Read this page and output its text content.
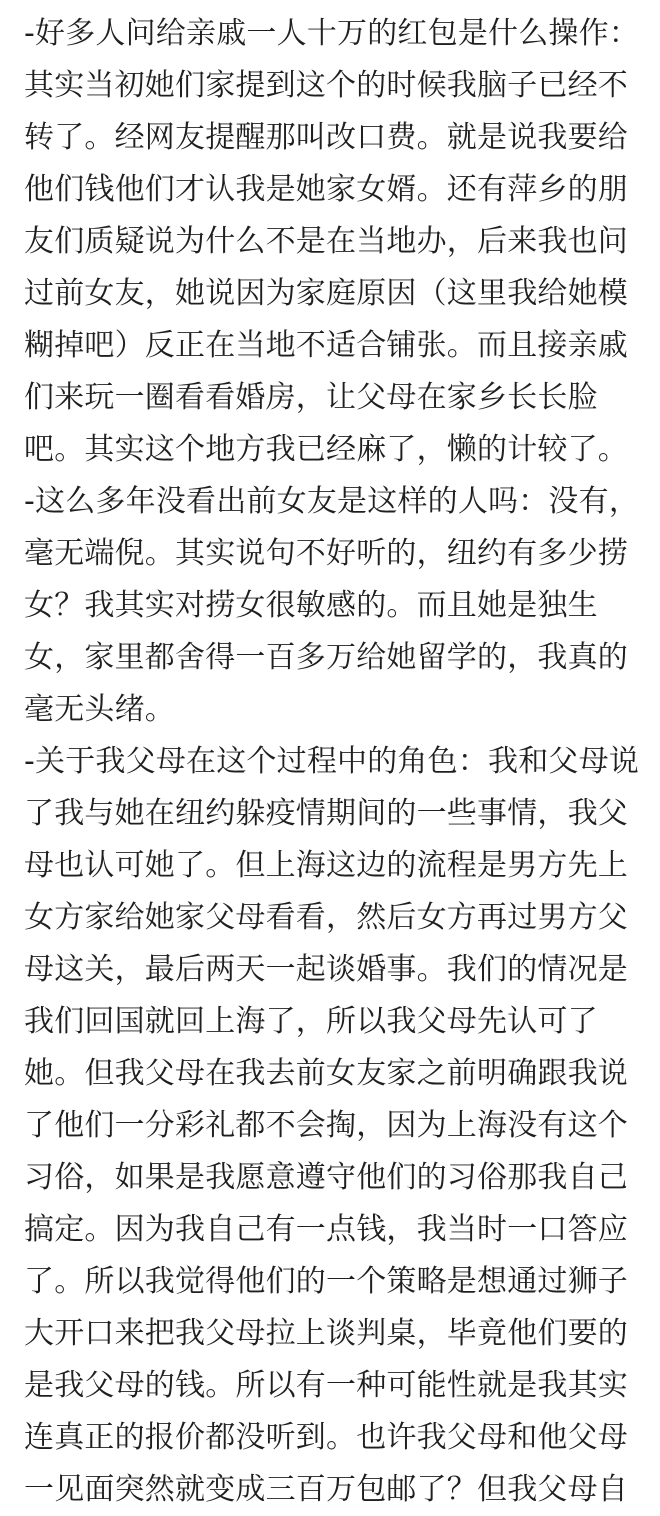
-好多人问给亲戚一人十万的红包是什么操作：
其实当初她们家提到这个的时候我脑子已经不
转了。经网友提醒那叫改口费。就是说我要给
他们钱他们才认我是她家女婿。还有萍乡的朋
友们质疑说为什么不是在当地办，后来我也问
过前女友，她说因为家庭原因（这里我给她模
糊掉吧）反正在当地不适合铺张。而且接亲戚
们来玩一圈看看婚房，让父母在家乡长长脸
吧。其实这个地方我已经麻了，懒的计较了。
-这么多年没看出前女友是这样的人吗：没有，
毫无端倪。其实说句不好听的，纽约有多少捞
女？我其实对捞女很敏感的。而且她是独生
女，家里都舍得一百多万给她留学的，我真的
毫无头绪。
-关于我父母在这个过程中的角色：我和父母说
了我与她在纽约躲疫情期间的一些事情，我父
母也认可她了。但上海这边的流程是男方先上
女方家给她家父母看看，然后女方再过男方父
母这关，最后两天一起谈婚事。我们的情况是
我们回国就回上海了，所以我父母先认可了
她。但我父母在我去前女友家之前明确跟我说
了他们一分彩礼都不会掏，因为上海没有这个
习俗，如果是我愿意遵守他们的习俗那我自己
搞定。因为我自己有一点钱，我当时一口答应
了。所以我觉得他们的一个策略是想通过狮子
大开口来把我父母拉上谈判桌，毕竟他们要的
是我父母的钱。所以有一种可能性就是我其实
连真正的报价都没听到。也许我父母和他父母
一见面突然就变成三百万包邮了？但我父母自
